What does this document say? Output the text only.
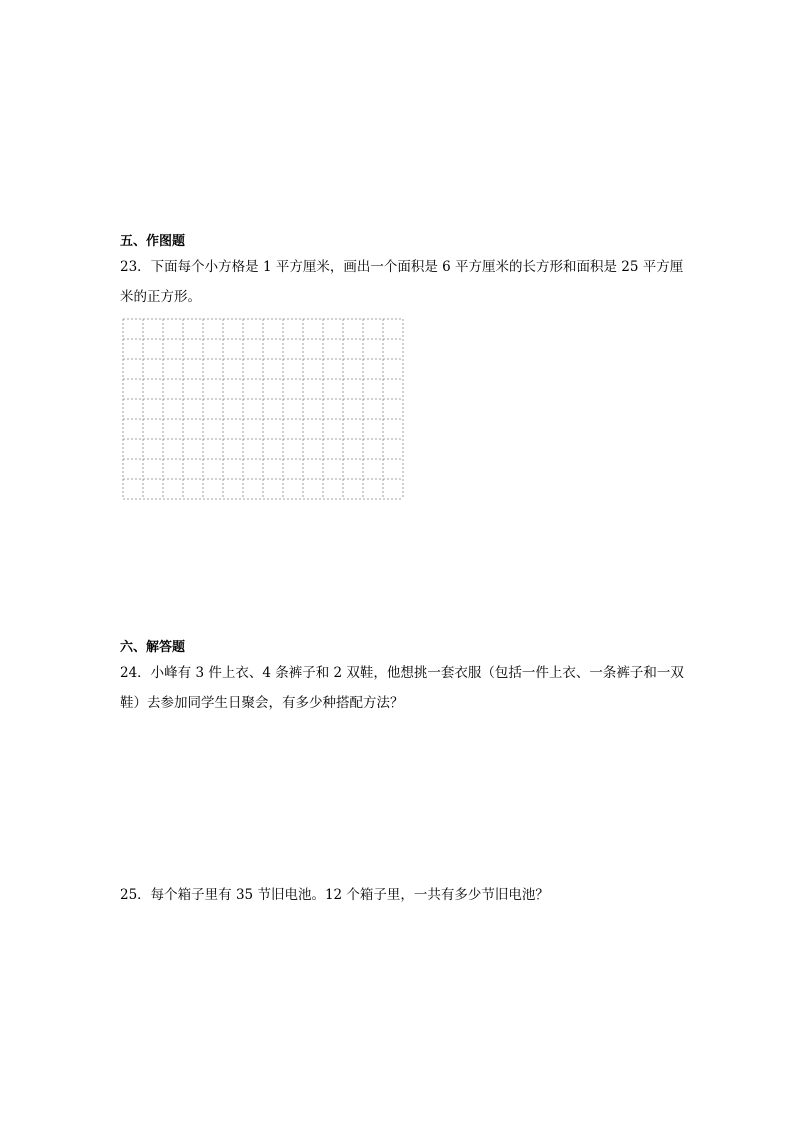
五、作图题

23．下面每个小方格是 1 平方厘米，画出一个面积是 6 平方厘米的长方形和面积是 25 平方厘米的正方形。

六、解答题

24．小峰有 3 件上衣、4 条裤子和 2 双鞋，他想挑一套衣服（包括一件上衣、一条裤子和一双鞋）去参加同学生日聚会，有多少种搭配方法？

25．每个箱子里有 35 节旧电池。12 个箱子里，一共有多少节旧电池？
